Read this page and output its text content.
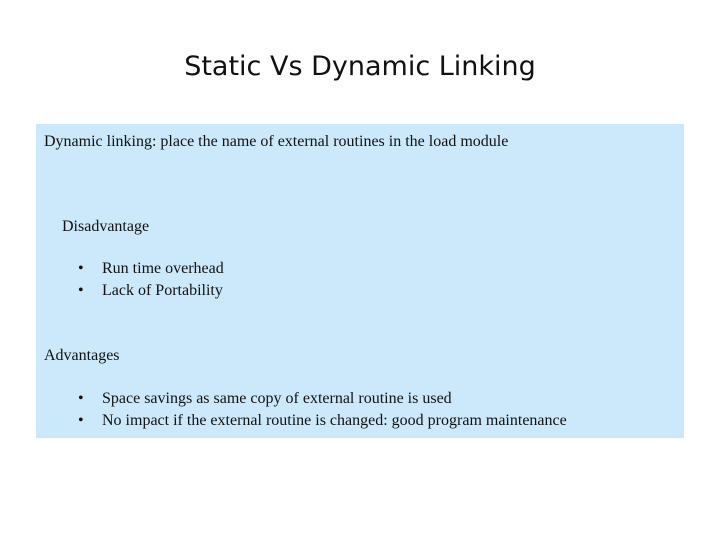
Static Vs Dynamic Linking
Dynamic linking: place the name of external routines in the load module
Disadvantage
• Run time overhead
• Lack of Portability
Advantages
• Space savings as same copy of external routine is used
• No impact if the external routine is changed: good program maintenance
